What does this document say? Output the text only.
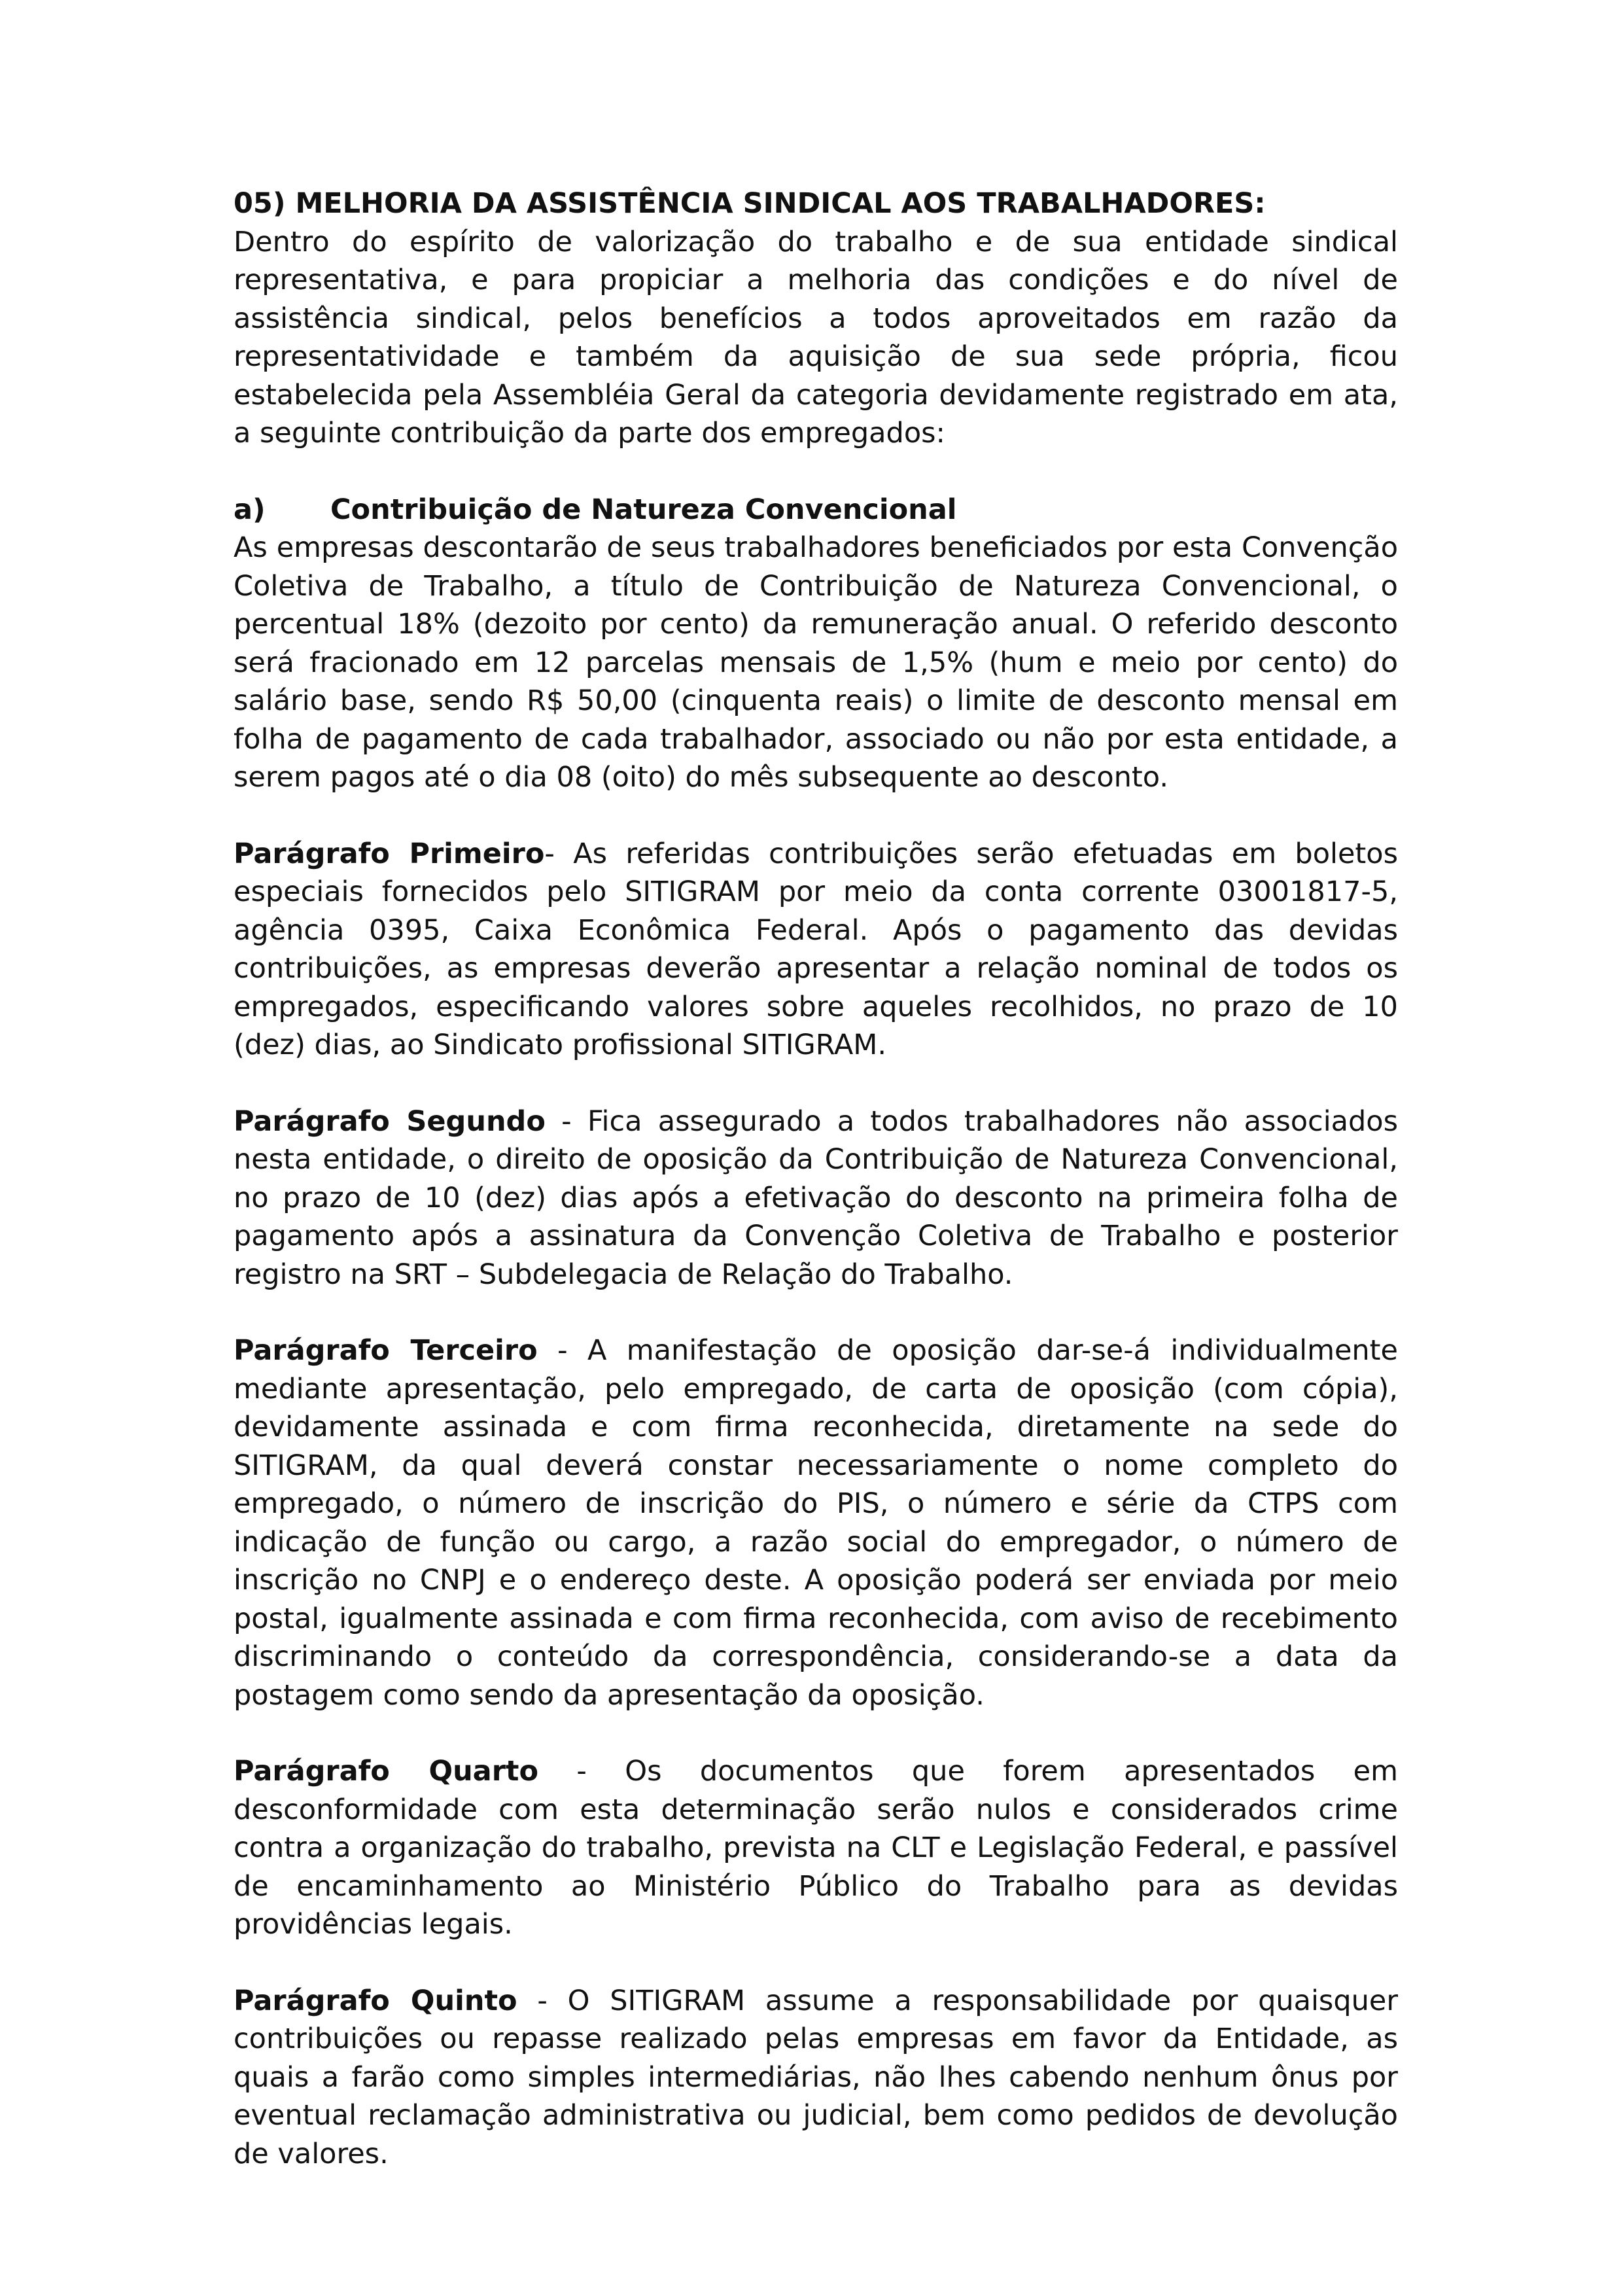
05) MELHORIA DA ASSISTÊNCIA SINDICAL AOS TRABALHADORES:

Dentro do espírito de valorização do trabalho e de sua entidade sindical representativa, e para propiciar a melhoria das condições e do nível de assistência sindical, pelos benefícios a todos aproveitados em razão da representatividade e também da aquisição de sua sede própria, ficou estabelecida pela Assembléia Geral da categoria devidamente registrado em ata, a seguinte contribuição da parte dos empregados:

a) Contribuição de Natureza Convencional

As empresas descontarão de seus trabalhadores beneficiados por esta Convenção Coletiva de Trabalho, a título de Contribuição de Natureza Convencional, o percentual 18% (dezoito por cento) da remuneração anual. O referido desconto será fracionado em 12 parcelas mensais de 1,5% (hum e meio por cento) do salário base, sendo R$ 50,00 (cinquenta reais) o limite de desconto mensal em folha de pagamento de cada trabalhador, associado ou não por esta entidade, a serem pagos até o dia 08 (oito) do mês subsequente ao desconto.

Parágrafo Primeiro- As referidas contribuições serão efetuadas em boletos especiais fornecidos pelo SITIGRAM por meio da conta corrente 03001817-5, agência 0395, Caixa Econômica Federal. Após o pagamento das devidas contribuições, as empresas deverão apresentar a relação nominal de todos os empregados, especificando valores sobre aqueles recolhidos, no prazo de 10 (dez) dias, ao Sindicato profissional SITIGRAM.

Parágrafo Segundo - Fica assegurado a todos trabalhadores não associados nesta entidade, o direito de oposição da Contribuição de Natureza Convencional, no prazo de 10 (dez) dias após a efetivação do desconto na primeira folha de pagamento após a assinatura da Convenção Coletiva de Trabalho e posterior registro na SRT – Subdelegacia de Relação do Trabalho.

Parágrafo Terceiro - A manifestação de oposição dar-se-á individualmente mediante apresentação, pelo empregado, de carta de oposição (com cópia), devidamente assinada e com firma reconhecida, diretamente na sede do SITIGRAM, da qual deverá constar necessariamente o nome completo do empregado, o número de inscrição do PIS, o número e série da CTPS com indicação de função ou cargo, a razão social do empregador, o número de inscrição no CNPJ e o endereço deste. A oposição poderá ser enviada por meio postal, igualmente assinada e com firma reconhecida, com aviso de recebimento discriminando o conteúdo da correspondência, considerando-se a data da postagem como sendo da apresentação da oposição.

Parágrafo Quarto - Os documentos que forem apresentados em desconformidade com esta determinação serão nulos e considerados crime contra a organização do trabalho, prevista na CLT e Legislação Federal, e passível de encaminhamento ao Ministério Público do Trabalho para as devidas providências legais.

Parágrafo Quinto - O SITIGRAM assume a responsabilidade por quaisquer contribuições ou repasse realizado pelas empresas em favor da Entidade, as quais a farão como simples intermediárias, não lhes cabendo nenhum ônus por eventual reclamação administrativa ou judicial, bem como pedidos de devolução de valores.
